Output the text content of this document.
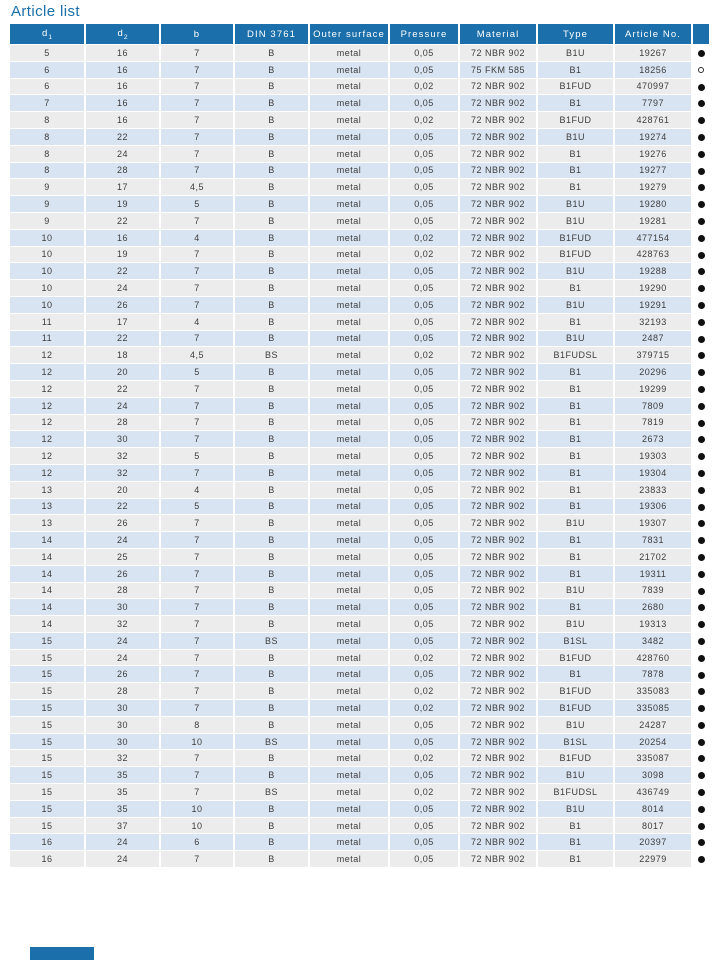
Article list
$d_1$	$d_2$	b	DIN 3761	Outer surface	Pressure	Material	Type	Article No.	
5	16	7	B	metal	0,05	72 NBR 902	B1U	19267	
6	16	7	B	metal	0,05	75 FKM 585	B1	18256	
6	16	7	B	metal	0,02	72 NBR 902	B1FUD	470997	
7	16	7	B	metal	0,05	72 NBR 902	B1	7797	
8	16	7	B	metal	0,02	72 NBR 902	B1FUD	428761	
8	22	7	B	metal	0,05	72 NBR 902	B1U	19274	
8	24	7	B	metal	0,05	72 NBR 902	B1	19276	
8	28	7	B	metal	0,05	72 NBR 902	B1	19277	
9	17	4,5	B	metal	0,05	72 NBR 902	B1	19279	
9	19	5	B	metal	0,05	72 NBR 902	B1U	19280	
9	22	7	B	metal	0,05	72 NBR 902	B1U	19281	
10	16	4	B	metal	0,02	72 NBR 902	B1FUD	477154	
10	19	7	B	metal	0,02	72 NBR 902	B1FUD	428763	
10	22	7	B	metal	0,05	72 NBR 902	B1U	19288	
10	24	7	B	metal	0,05	72 NBR 902	B1	19290	
10	26	7	B	metal	0,05	72 NBR 902	B1U	19291	
11	17	4	B	metal	0,05	72 NBR 902	B1	32193	
11	22	7	B	metal	0,05	72 NBR 902	B1U	2487	
12	18	4,5	BS	metal	0,02	72 NBR 902	B1FUDSL	379715	
12	20	5	B	metal	0,05	72 NBR 902	B1	20296	
12	22	7	B	metal	0,05	72 NBR 902	B1	19299	
12	24	7	B	metal	0,05	72 NBR 902	B1	7809	
12	28	7	B	metal	0,05	72 NBR 902	B1	7819	
12	30	7	B	metal	0,05	72 NBR 902	B1	2673	
12	32	5	B	metal	0,05	72 NBR 902	B1	19303	
12	32	7	B	metal	0,05	72 NBR 902	B1	19304	
13	20	4	B	metal	0,05	72 NBR 902	B1	23833	
13	22	5	B	metal	0,05	72 NBR 902	B1	19306	
13	26	7	B	metal	0,05	72 NBR 902	B1U	19307	
14	24	7	B	metal	0,05	72 NBR 902	B1	7831	
14	25	7	B	metal	0,05	72 NBR 902	B1	21702	
14	26	7	B	metal	0,05	72 NBR 902	B1	19311	
14	28	7	B	metal	0,05	72 NBR 902	B1U	7839	
14	30	7	B	metal	0,05	72 NBR 902	B1	2680	
14	32	7	B	metal	0,05	72 NBR 902	B1U	19313	
15	24	7	BS	metal	0,05	72 NBR 902	B1SL	3482	
15	24	7	B	metal	0,02	72 NBR 902	B1FUD	428760	
15	26	7	B	metal	0,05	72 NBR 902	B1	7878	
15	28	7	B	metal	0,02	72 NBR 902	B1FUD	335083	
15	30	7	B	metal	0,02	72 NBR 902	B1FUD	335085	
15	30	8	B	metal	0,05	72 NBR 902	B1U	24287	
15	30	10	BS	metal	0,05	72 NBR 902	B1SL	20254	
15	32	7	B	metal	0,02	72 NBR 902	B1FUD	335087	
15	35	7	B	metal	0,05	72 NBR 902	B1U	3098	
15	35	7	BS	metal	0,02	72 NBR 902	B1FUDSL	436749	
15	35	10	B	metal	0,05	72 NBR 902	B1U	8014	
15	37	10	B	metal	0,05	72 NBR 902	B1	8017	
16	24	6	B	metal	0,05	72 NBR 902	B1	20397	
16	24	7	B	metal	0,05	72 NBR 902	B1	22979	
